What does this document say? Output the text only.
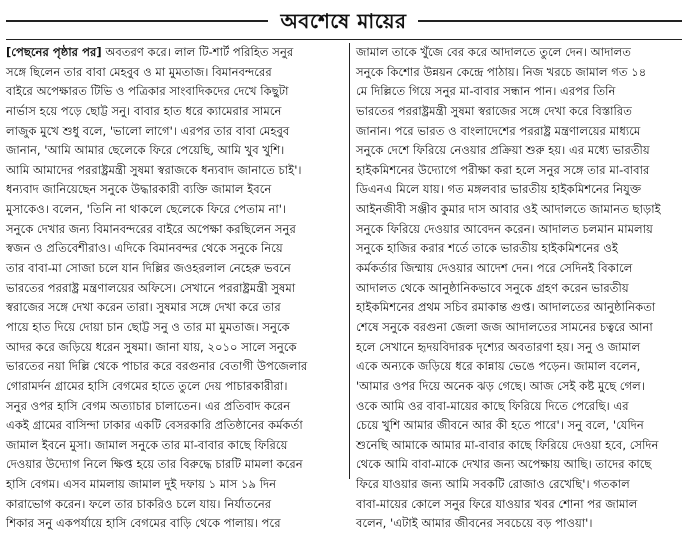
অবশেষে মায়ের
[পেছনের পৃষ্ঠার পর] অবতরণ করে। লাল টি-শার্ট পরিহিত সনুর
সঙ্গে ছিলেন তার বাবা মেহবুব ও মা মুমতাজ। বিমানবন্দরের
বাইরে অপেক্ষারত টিভি ও পত্রিকার সাংবাদিকদের দেখে কিছুটা
নার্ভাস হয়ে পড়ে ছোট্ট সনু। বাবার হাত ধরে ক্যামেরার সামনে
লাজুক মুখে শুধু বলে, 'ভালো লাগে'। এরপর তার বাবা মেহবুব
জানান, 'আমি আমার ছেলেকে ফিরে পেয়েছি, আমি খুব খুশি।
আমি আমাদের পররাষ্ট্রমন্ত্রী সুষমা স্বরাজকে ধন্যবাদ জানাতে চাই'।
ধন্যবাদ জানিয়েছেন সনুকে উদ্ধারকারী ব্যক্তি জামাল ইবনে
মুসাকেও। বলেন, 'তিনি না থাকলে ছেলেকে ফিরে পেতাম না'।
সনুকে দেখার জন্য বিমানবন্দরের বাইরে অপেক্ষা করছিলেন সনুর
স্বজন ও প্রতিবেশীরাও। এদিকে বিমানবন্দর থেকে সনুকে নিয়ে
তার বাবা-মা সোজা চলে যান দিল্লির জওহরলাল নেহেরু ভবনে
ভারতের পররাষ্ট্র মন্ত্রণালয়ের অফিসে। সেখানে পররাষ্ট্রমন্ত্রী সুষমা
স্বরাজের সঙ্গে দেখা করেন তারা। সুষমার সঙ্গে দেখা করে তার
পায়ে হাত দিয়ে দোয়া চান ছোট্ট সনু ও তার মা মুমতাজ। সনুকে
আদর করে জড়িয়ে ধরেন সুষমা। জানা যায়, ২০১০ সালে সনুকে
ভারতের নয়া দিল্লি থেকে পাচার করে বরগুনার বেতাগী উপজেলার
গোরামর্দন গ্রামের হাসি বেগমের হাতে তুলে দেয় পাচারকারীরা।
সনুর ওপর হাসি বেগম অত্যাচার চালাতেন। এর প্রতিবাদ করেন
একই গ্রামের বাসিন্দা ঢাকার একটি বেসরকারি প্রতিষ্ঠানের কর্মকর্তা
জামাল ইবনে মুসা। জামাল সনুকে তার মা-বাবার কাছে ফিরিয়ে
দেওয়ার উদ্যোগ নিলে ক্ষিপ্ত হয়ে তার বিরুদ্ধে চারটি মামলা করেন
হাসি বেগম। এসব মামলায় জামাল দুই দফায় ১ মাস ১৯ দিন
কারাভোগ করেন। ফলে তার চাকরিও চলে যায়। নির্যাতনের
শিকার সনু একপর্যায়ে হাসি বেগমের বাড়ি থেকে পালায়। পরে
জামাল তাকে খুঁজে বের করে আদালতে তুলে দেন। আদালত
সনুকে কিশোর উন্নয়ন কেন্দ্রে পাঠায়। নিজ খরচে জামাল গত ১৪
মে দিল্লিতে গিয়ে সনুর মা-বাবার সন্ধান পান। এরপর তিনি
ভারতের পররাষ্ট্রমন্ত্রী সুষমা স্বরাজের সঙ্গে দেখা করে বিস্তারিত
জানান। পরে ভারত ও বাংলাদেশের পররাষ্ট্র মন্ত্রণালয়ের মাধ্যমে
সনুকে দেশে ফিরিয়ে নেওয়ার প্রক্রিয়া শুরু হয়। এর মধ্যে ভারতীয়
হাইকমিশনের উদ্যোগে পরীক্ষা করা হলে সনুর সঙ্গে তার মা-বাবার
ডিএনএ মিলে যায়। গত মঙ্গলবার ভারতীয় হাইকমিশনের নিযুক্ত
আইনজীবী সঞ্জীব কুমার দাস আবার ওই আদালতে জামানত ছাড়াই
সনুকে ফিরিয়ে দেওয়ার আবেদন করেন। আদালত চলমান মামলায়
সনুকে হাজির করার শর্তে তাকে ভারতীয় হাইকমিশনের ওই
কর্মকর্তার জিম্মায় দেওয়ার আদেশ দেন। পরে সেদিনই বিকালে
আদালত থেকে আনুষ্ঠানিকভাবে সনুকে গ্রহণ করেন ভারতীয়
হাইকমিশনের প্রথম সচিব রমাকান্ত গুপ্ত। আদালতের আনুষ্ঠানিকতা
শেষে সনুকে বরগুনা জেলা জজ আদালতের সামনের চত্বরে আনা
হলে সেখানে হৃদয়বিদারক দৃশ্যের অবতারণা হয়। সনু ও জামাল
একে অন্যকে জড়িয়ে ধরে কান্নায় ভেঙে পড়েন। জামাল বলেন,
'আমার ওপর দিয়ে অনেক ঝড় গেছে। আজ সেই কষ্ট মুছে গেল।
ওকে আমি ওর বাবা-মায়ের কাছে ফিরিয়ে দিতে পেরেছি। এর
চেয়ে খুশি আমার জীবনে আর কী হতে পারে'। সনু বলে, 'যেদিন
শুনেছি আমাকে আমার মা-বাবার কাছে ফিরিয়ে দেওয়া হবে, সেদিন
থেকে আমি বাবা-মাকে দেখার জন্য অপেক্ষায় আছি। তাদের কাছে
ফিরে যাওয়ার জন্য আমি সবকটি রোজাও রেখেছি'। গতকাল
বাবা-মায়ের কোলে সনুর ফিরে যাওয়ার খবর শোনা পর জামাল
বলেন, 'এটাই আমার জীবনের সবচেয়ে বড় পাওয়া'।
